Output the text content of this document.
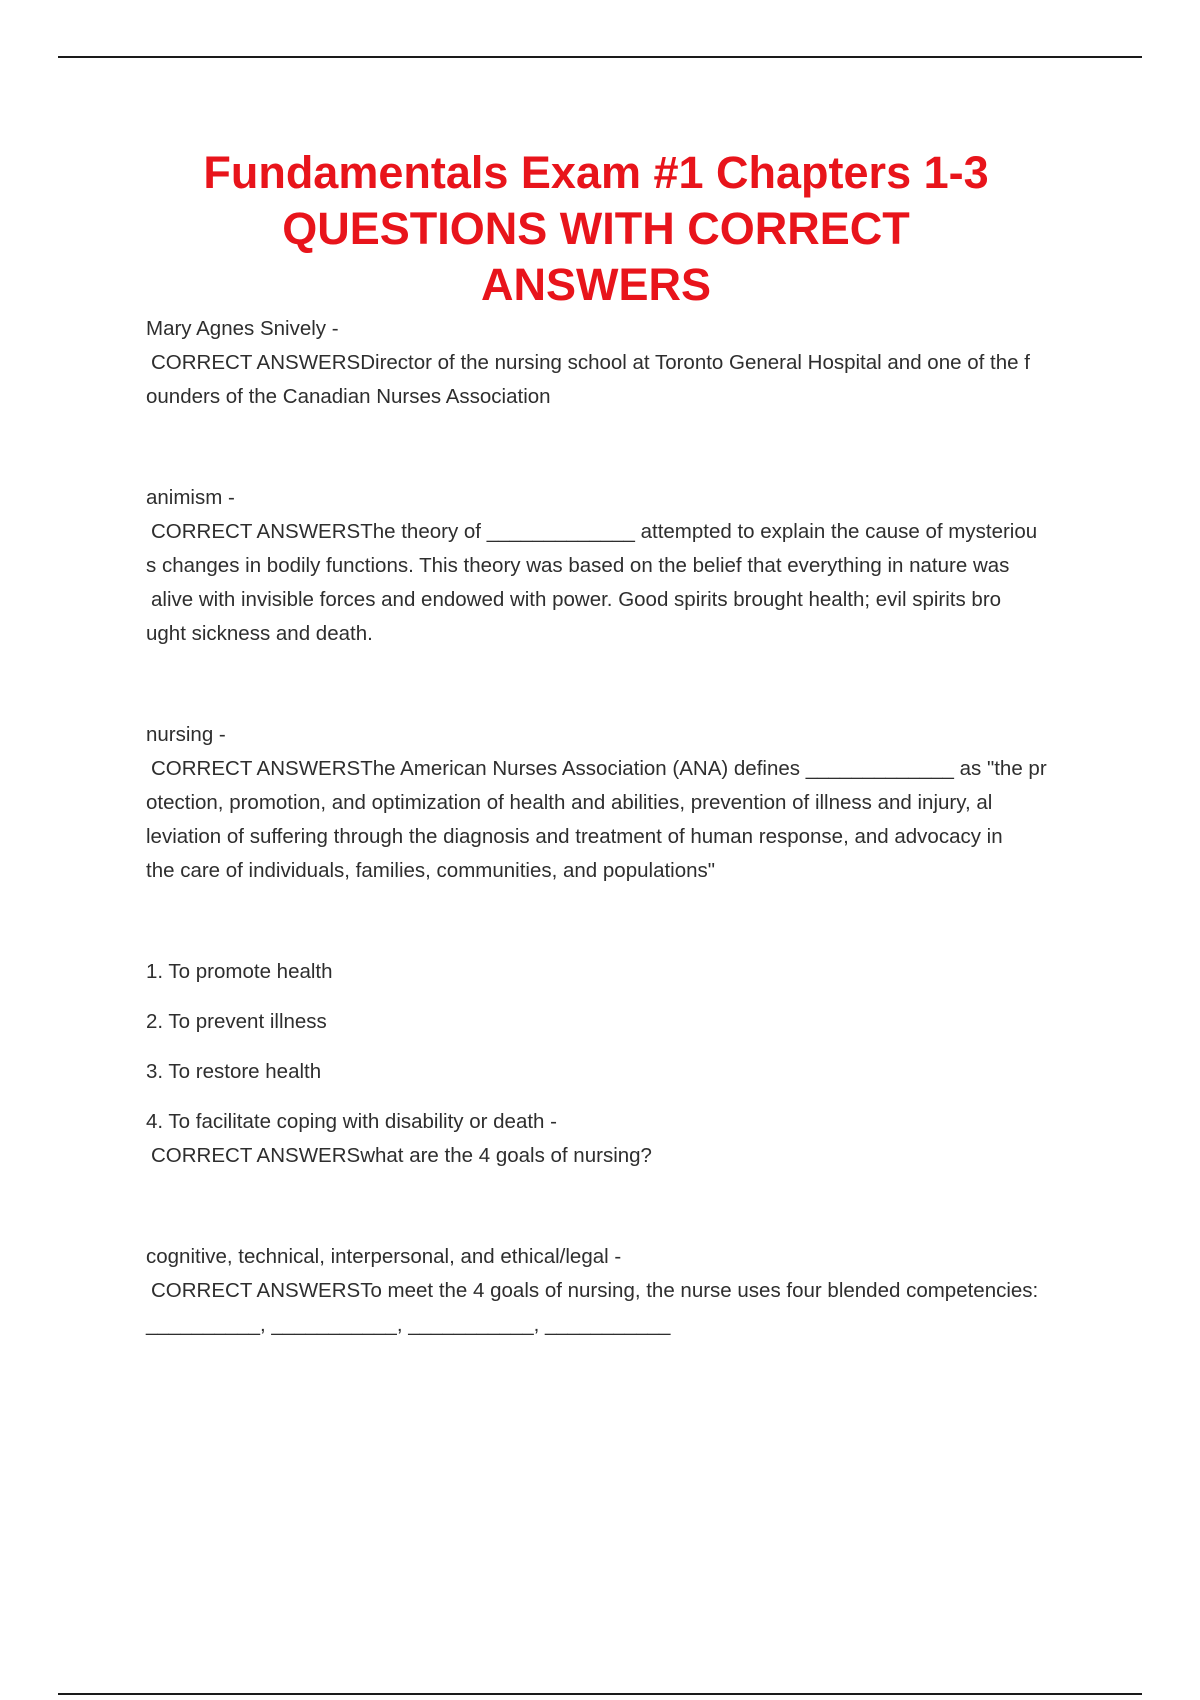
Fundamentals Exam #1 Chapters 1-3
QUESTIONS WITH CORRECT
ANSWERS
Mary Agnes Snively -
CORRECT ANSWERSDirector of the nursing school at Toronto General Hospital and one of the f
ounders of the Canadian Nurses Association
animism -
CORRECT ANSWERSThe theory of _____________ attempted to explain the cause of mysteriou
s changes in bodily functions. This theory was based on the belief that everything in nature was
alive with invisible forces and endowed with power. Good spirits brought health; evil spirits bro
ught sickness and death.
nursing -
CORRECT ANSWERSThe American Nurses Association (ANA) defines _____________ as "the pr
otection, promotion, and optimization of health and abilities, prevention of illness and injury, al
leviation of suffering through the diagnosis and treatment of human response, and advocacy in
the care of individuals, families, communities, and populations"
1. To promote health
2. To prevent illness
3. To restore health
4. To facilitate coping with disability or death -
CORRECT ANSWERSwhat are the 4 goals of nursing?
cognitive, technical, interpersonal, and ethical/legal -
CORRECT ANSWERSTo meet the 4 goals of nursing, the nurse uses four blended competencies:
__________, ___________, ___________, ___________
